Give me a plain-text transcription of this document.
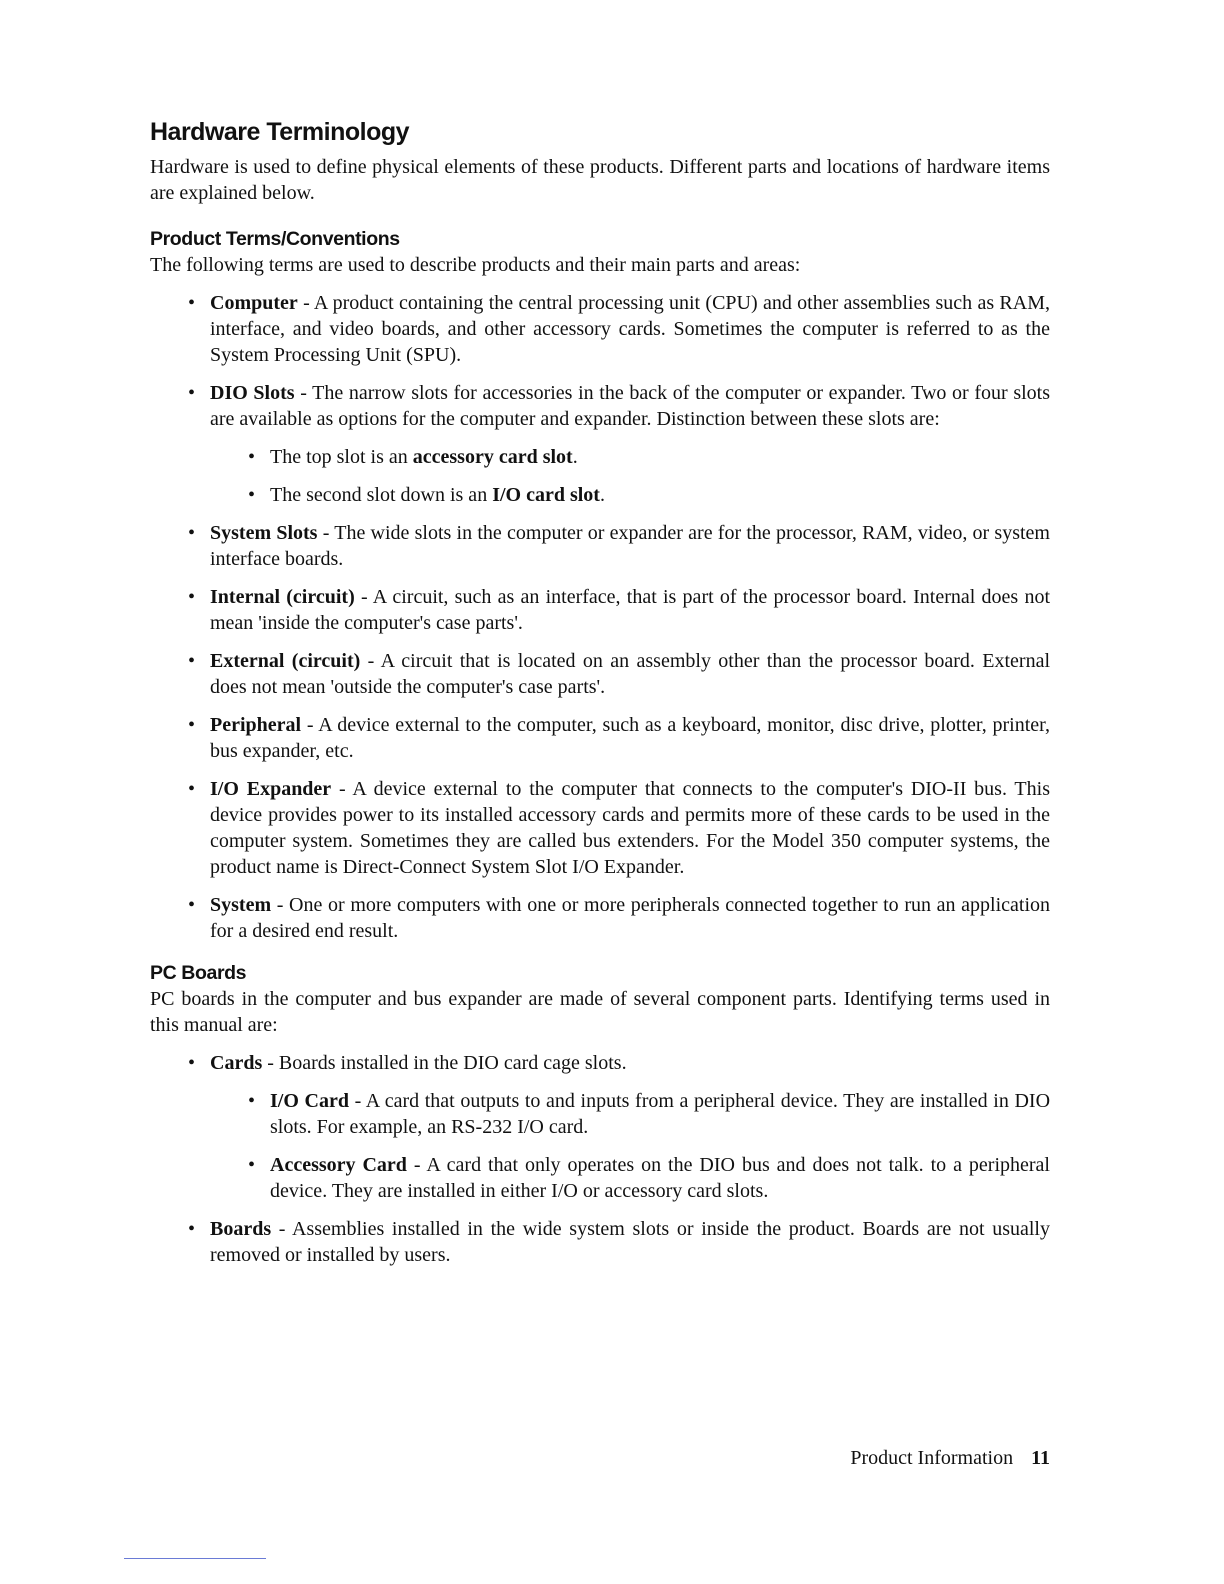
Hardware Terminology

Hardware is used to define physical elements of these products. Different parts and locations of hardware items are explained below.

Product Terms/Conventions

The following terms are used to describe products and their main parts and areas:

• Computer - A product containing the central processing unit (CPU) and other assemblies such as RAM, interface, and video boards, and other accessory cards. Sometimes the computer is referred to as the System Processing Unit (SPU).
• DIO Slots - The narrow slots for accessories in the back of the computer or expander. Two or four slots are available as options for the computer and expander. Distinction between these slots are:
• The top slot is an accessory card slot.
• The second slot down is an I/O card slot.
• System Slots - The wide slots in the computer or expander are for the processor, RAM, video, or system interface boards.
• Internal (circuit) - A circuit, such as an interface, that is part of the processor board. Internal does not mean 'inside the computer's case parts'.
• External (circuit) - A circuit that is located on an assembly other than the processor board. External does not mean 'outside the computer's case parts'.
• Peripheral - A device external to the computer, such as a keyboard, monitor, disc drive, plotter, printer, bus expander, etc.
• I/O Expander - A device external to the computer that connects to the computer's DIO-II bus. This device provides power to its installed accessory cards and permits more of these cards to be used in the computer system. Sometimes they are called bus extenders. For the Model 350 computer systems, the product name is Direct-Connect System Slot I/O Expander.
• System - One or more computers with one or more peripherals connected together to run an application for a desired end result.
PC Boards

PC boards in the computer and bus expander are made of several component parts. Identifying terms used in this manual are:

• Cards - Boards installed in the DIO card cage slots.
• I/O Card - A card that outputs to and inputs from a peripheral device. They are installed in DIO slots. For example, an RS-232 I/O card.
• Accessory Card - A card that only operates on the DIO bus and does not talk. to a peripheral device. They are installed in either I/O or accessory card slots.
• Boards - Assemblies installed in the wide system slots or inside the product. Boards are not usually removed or installed by users.
Product Information 11
